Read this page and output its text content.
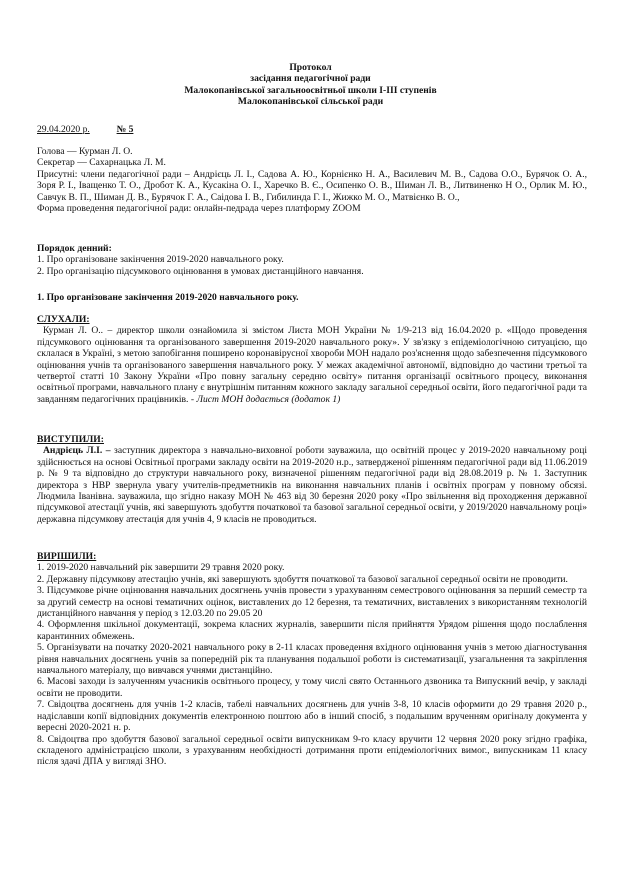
Протокол

засідання педагогічної ради

Малокопанівської загальноосвітньої школи І-ІІІ ступенів

Малокопанівської сільської ради

29.04.2020 р.	№ 5

Голова — Курман Л. О.

Секретар — Сахарнацька Л. М.

Присутні: члени педагогічної ради – Андрієць Л. І., Садова А. Ю., Корнієнко Н. А., Василевич М. В., Садова О.О., Бурячок О. А., Зоря Р. І., Іващенко Т. О., Дробот К. А., Кусакіна О. І., Харечко В. Є., Осипенко О. В., Шиман Л. В., Литвиненко Н О., Орлик М. Ю., Савчук В. П., Шиман Д. В., Бурячок Г. А., Саідова І. В., Гибилинда Г. І., Жижко М. О., Матвієнко В. О.,

Форма проведення педагогічної ради: онлайн-педрада через платформу ZOOM

Порядок денний:

1. Про організоване закінчення 2019-2020 навчального року.

2. Про організацію підсумкового оцінювання в умовах дистанційного навчання.

1. Про організоване закінчення 2019-2020 навчального року.

СЛУХАЛИ:

Курман Л. О.. – директор школи ознайомила зі змістом Листа МОН України № 1/9-213 від 16.04.2020 р. «Щодо проведення підсумкового оцінювання та організованого завершення 2019-2020 навчального року». У зв'язку з епідеміологічною ситуацією, що склалася в Україні, з метою запобігання поширено коронавірусної хвороби МОН надало роз'яснення щодо забезпечення підсумкового оцінювання учнів та організованого завершення навчального року. У межах академічної автономії, відповідно до частини третьої та четвертої статті 10 Закону України «Про повну загальну середню освіту» питання організації освітнього процесу, виконання освітньої програми, навчального плану є внутрішнім питанням кожного закладу загальної середньої освіти, його педагогічної ради та завданням педагогічних працівників. - Лист МОН додається (додаток 1)

ВИСТУПИЛИ:

Андрієць Л.І. – заступник директора з навчально-виховної роботи зауважила, що освітній процес у 2019-2020 навчальному році здійснюється на основі Освітньої програми закладу освіти на 2019-2020 н.р., затвердженої рішенням педагогічної ради від 11.06.2019 р. № 9 та відповідно до структури навчального року, визначеної рішенням педагогічної ради від 28.08.2019 р. № 1. Заступник директора з НВР звернула увагу учителів-предметників на виконання навчальних планів і освітніх програм у повному обсязі. Людмила Іванівна. зауважила, що згідно наказу МОН № 463 від 30 березня 2020 року «Про звільнення від проходження державної підсумкової атестації учнів, які завершують здобуття початкової та базової загальної середньої освіти, у 2019/2020 навчальному році» державна підсумкову атестація для учнів 4, 9 класів не проводиться.

ВИРІШИЛИ:

1. 2019-2020 навчальний рік завершити 29 травня 2020 року.

2. Державну підсумкову атестацію учнів, які завершують здобуття початкової та базової загальної середньої освіти не проводити.

3. Підсумкове річне оцінювання навчальних досягнень учнів провести з урахуванням семестрового оцінювання за перший семестр та за другий семестр на основі тематичних оцінок, виставлених до 12 березня, та тематичних, виставлених з використанням технологій дистанційного навчання у період з 12.03.20 по 29.05 20

4. Оформлення шкільної документації, зокрема класних журналів, завершити після прийняття Урядом рішення щодо послаблення карантинних обмежень.

5. Організувати на початку 2020-2021 навчального року в 2-11 класах проведення вхідного оцінювання учнів з метою діагностування рівня навчальних досягнень учнів за попередній рік та планування подальшої роботи із систематизації, узагальнення та закріплення навчального матеріалу, що вивчався учнями дистанційно.

6. Масові заходи із залученням учасників освітнього процесу, у тому числі свято Останнього дзвоника та Випускний вечір, у закладі освіти не проводити.

7. Свідоцтва досягнень для учнів 1-2 класів, табелі навчальних досягнень для учнів 3-8, 10 класів оформити до 29 травня 2020 р., надіславши копії відповідних документів електронною поштою або в інший спосіб, з подальшим врученням оригіналу документа у вересні 2020-2021 н. р.

8. Свідоцтва про здобуття базової загальної середньої освіти випускникам 9-го класу вручити 12 червня 2020 року згідно графіка, складеного адміністрацією школи, з урахуванням необхідності дотримання проти епідеміологічних вимог., випускникам 11 класу після здачі ДПА у вигляді ЗНО.
